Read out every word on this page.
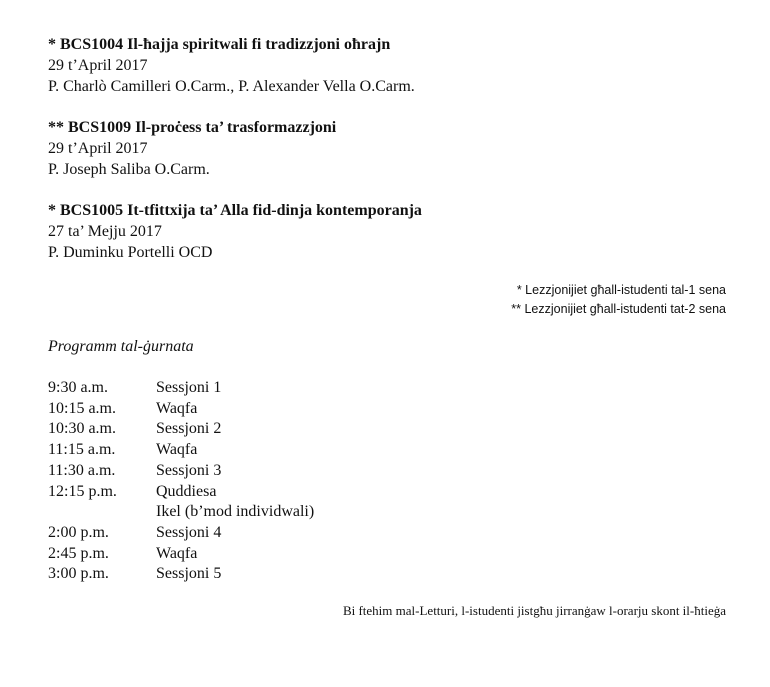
* BCS1004 Il-ħajja spiritwali fi tradizzjoni oħrajn
29 t’April 2017
P. Charlò Camilleri O.Carm., P. Alexander Vella O.Carm.
** BCS1009 Il-proċess ta’ trasformazzjoni
29 t’April 2017
P. Joseph Saliba O.Carm.
* BCS1005 It-tfittxija ta’ Alla fid-dinja kontemporanja
27 ta’ Mejju 2017
P. Duminku Portelli OCD
* Lezzjonijiet għall-istudenti tal-1 sena
** Lezzjonijiet għall-istudenti tat-2 sena
Programm tal-ġurnata
9:30 a.m.	Sessjoni 1
10:15 a.m.	Waqfa
10:30 a.m.	Sessjoni 2
11:15 a.m.	Waqfa
11:30 a.m.	Sessjoni 3
12:15 p.m.	Quddiesa
Ikel (b’mod individwali)
2:00 p.m.	Sessjoni 4
2:45 p.m.	Waqfa
3:00 p.m.	Sessjoni 5
Bi ftehim mal-Letturi, l-istudenti jistgħu jirranġaw l-orarju skont il-ħtieġa
